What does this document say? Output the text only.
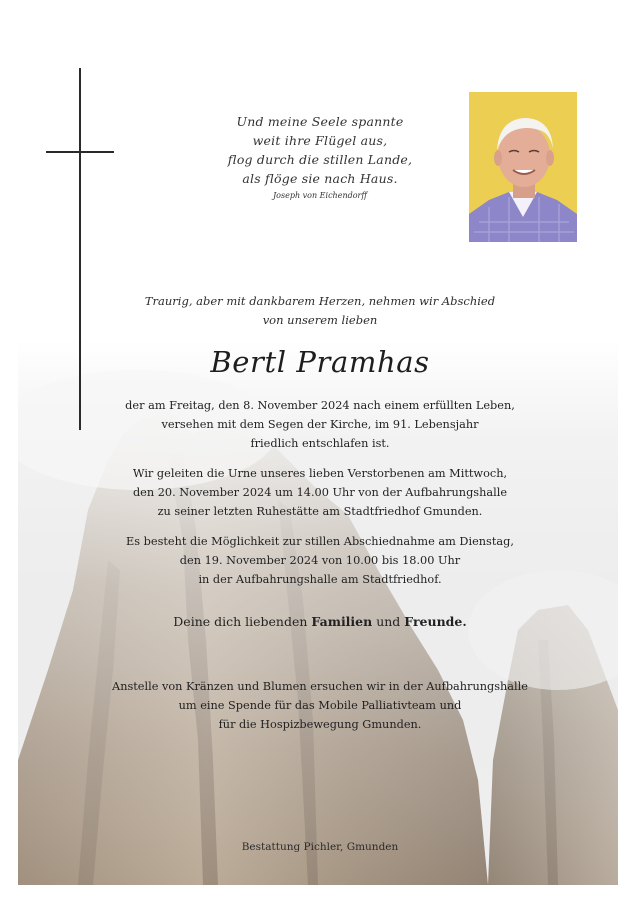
Und meine Seele spannte
weit ihre Flügel aus,
flog durch die stillen Lande,
als flöge sie nach Haus.
Joseph von Eichendorff
Traurig, aber mit dankbarem Herzen, nehmen wir Abschied
von unserem lieben
Bertl Pramhas
der am Freitag, den 8. November 2024 nach einem erfüllten Leben,
versehen mit dem Segen der Kirche, im 91. Lebensjahr
friedlich entschlafen ist.
Wir geleiten die Urne unseres lieben Verstorbenen am Mittwoch,
den 20. November 2024 um 14.00 Uhr von der Aufbahrungshalle
zu seiner letzten Ruhestätte am Stadtfriedhof Gmunden.
Es besteht die Möglichkeit zur stillen Abschiednahme am Dienstag,
den 19. November 2024 von 10.00 bis 18.00 Uhr
in der Aufbahrungshalle am Stadtfriedhof.
Deine dich liebenden Familien und Freunde.
Anstelle von Kränzen und Blumen ersuchen wir in der Aufbahrungshalle
um eine Spende für das Mobile Palliativteam und
für die Hospizbewegung Gmunden.
Bestattung Pichler, Gmunden
